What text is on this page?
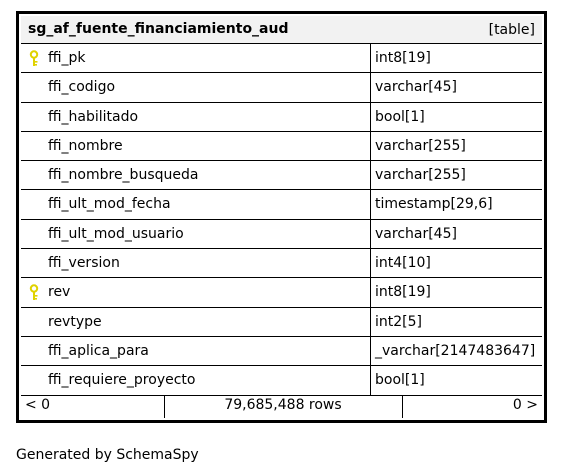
sg_af_fuente_financiamiento_aud	[table]
ffi_pk	int8[19]
ffi_codigo	varchar[45]
ffi_habilitado	bool[1]
ffi_nombre	varchar[255]
ffi_nombre_busqueda	varchar[255]
ffi_ult_mod_fecha	timestamp[29,6]
ffi_ult_mod_usuario	varchar[45]
ffi_version	int4[10]
rev	int8[19]
revtype	int2[5]
ffi_aplica_para	_varchar[2147483647]
ffi_requiere_proyecto	bool[1]
< 0	79,685,488 rows	0 >
Generated by SchemaSpy
